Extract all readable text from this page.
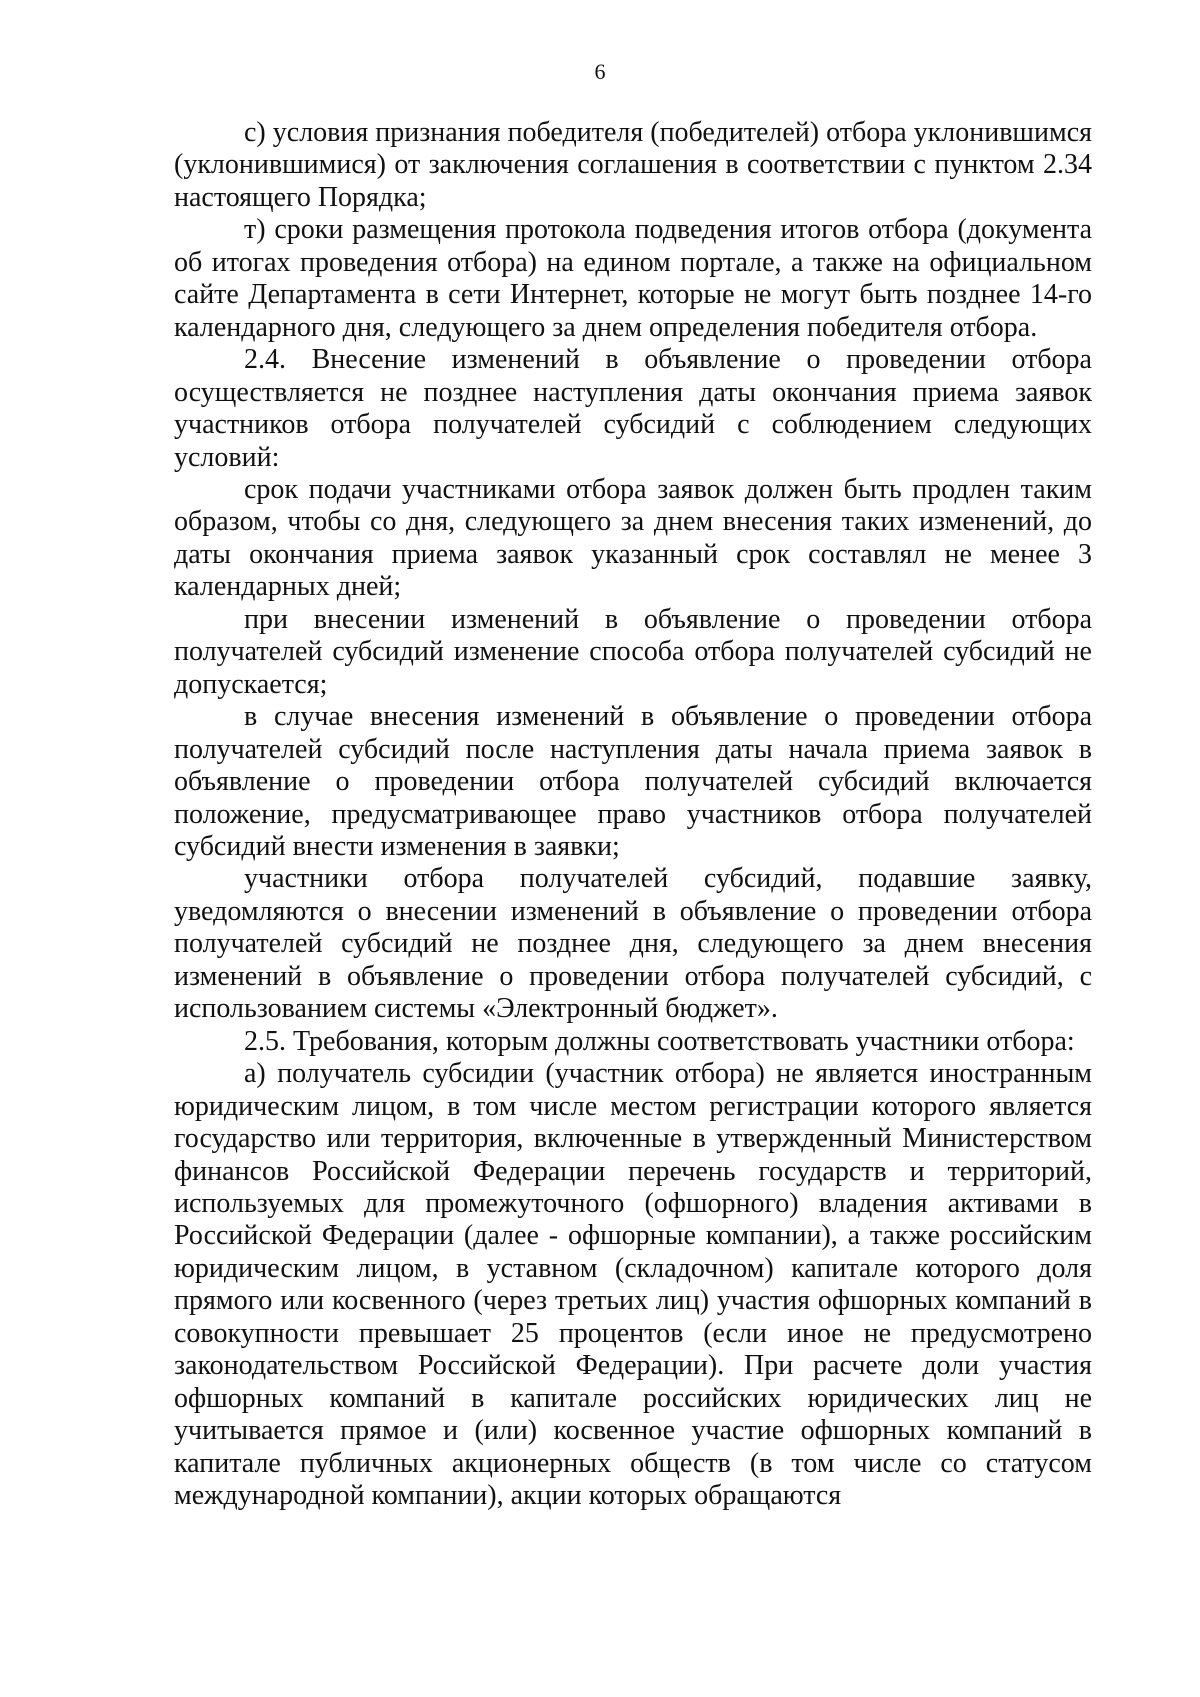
6

с) условия признания победителя (победителей) отбора уклонившимся (уклонившимися) от заключения соглашения в соответствии с пунктом 2.34 настоящего Порядка;

т) сроки размещения протокола подведения итогов отбора (документа об итогах проведения отбора) на едином портале, а также на официальном сайте Департамента в сети Интернет, которые не могут быть позднее 14-го календарного дня, следующего за днем определения победителя отбора.

2.4. Внесение изменений в объявление о проведении отбора осуществляется не позднее наступления даты окончания приема заявок участников отбора получателей субсидий с соблюдением следующих условий:

срок подачи участниками отбора заявок должен быть продлен таким образом, чтобы со дня, следующего за днем внесения таких изменений, до даты окончания приема заявок указанный срок составлял не менее 3 календарных дней;

при внесении изменений в объявление о проведении отбора получателей субсидий изменение способа отбора получателей субсидий не допускается;

в случае внесения изменений в объявление о проведении отбора получателей субсидий после наступления даты начала приема заявок в объявление о проведении отбора получателей субсидий включается положение, предусматривающее право участников отбора получателей субсидий внести изменения в заявки;

участники отбора получателей субсидий, подавшие заявку, уведомляются о внесении изменений в объявление о проведении отбора получателей субсидий не позднее дня, следующего за днем внесения изменений в объявление о проведении отбора получателей субсидий, с использованием системы «Электронный бюджет».

2.5. Требования, которым должны соответствовать участники отбора:

а) получатель субсидии (участник отбора) не является иностранным юридическим лицом, в том числе местом регистрации которого является государство или территория, включенные в утвержденный Министерством финансов Российской Федерации перечень государств и территорий, используемых для промежуточного (офшорного) владения активами в Российской Федерации (далее - офшорные компании), а также российским юридическим лицом, в уставном (складочном) капитале которого доля прямого или косвенного (через третьих лиц) участия офшорных компаний в совокупности превышает 25 процентов (если иное не предусмотрено законодательством Российской Федерации). При расчете доли участия офшорных компаний в капитале российских юридических лиц не учитывается прямое и (или) косвенное участие офшорных компаний в капитале публичных акционерных обществ (в том числе со статусом международной компании), акции которых обращаются
